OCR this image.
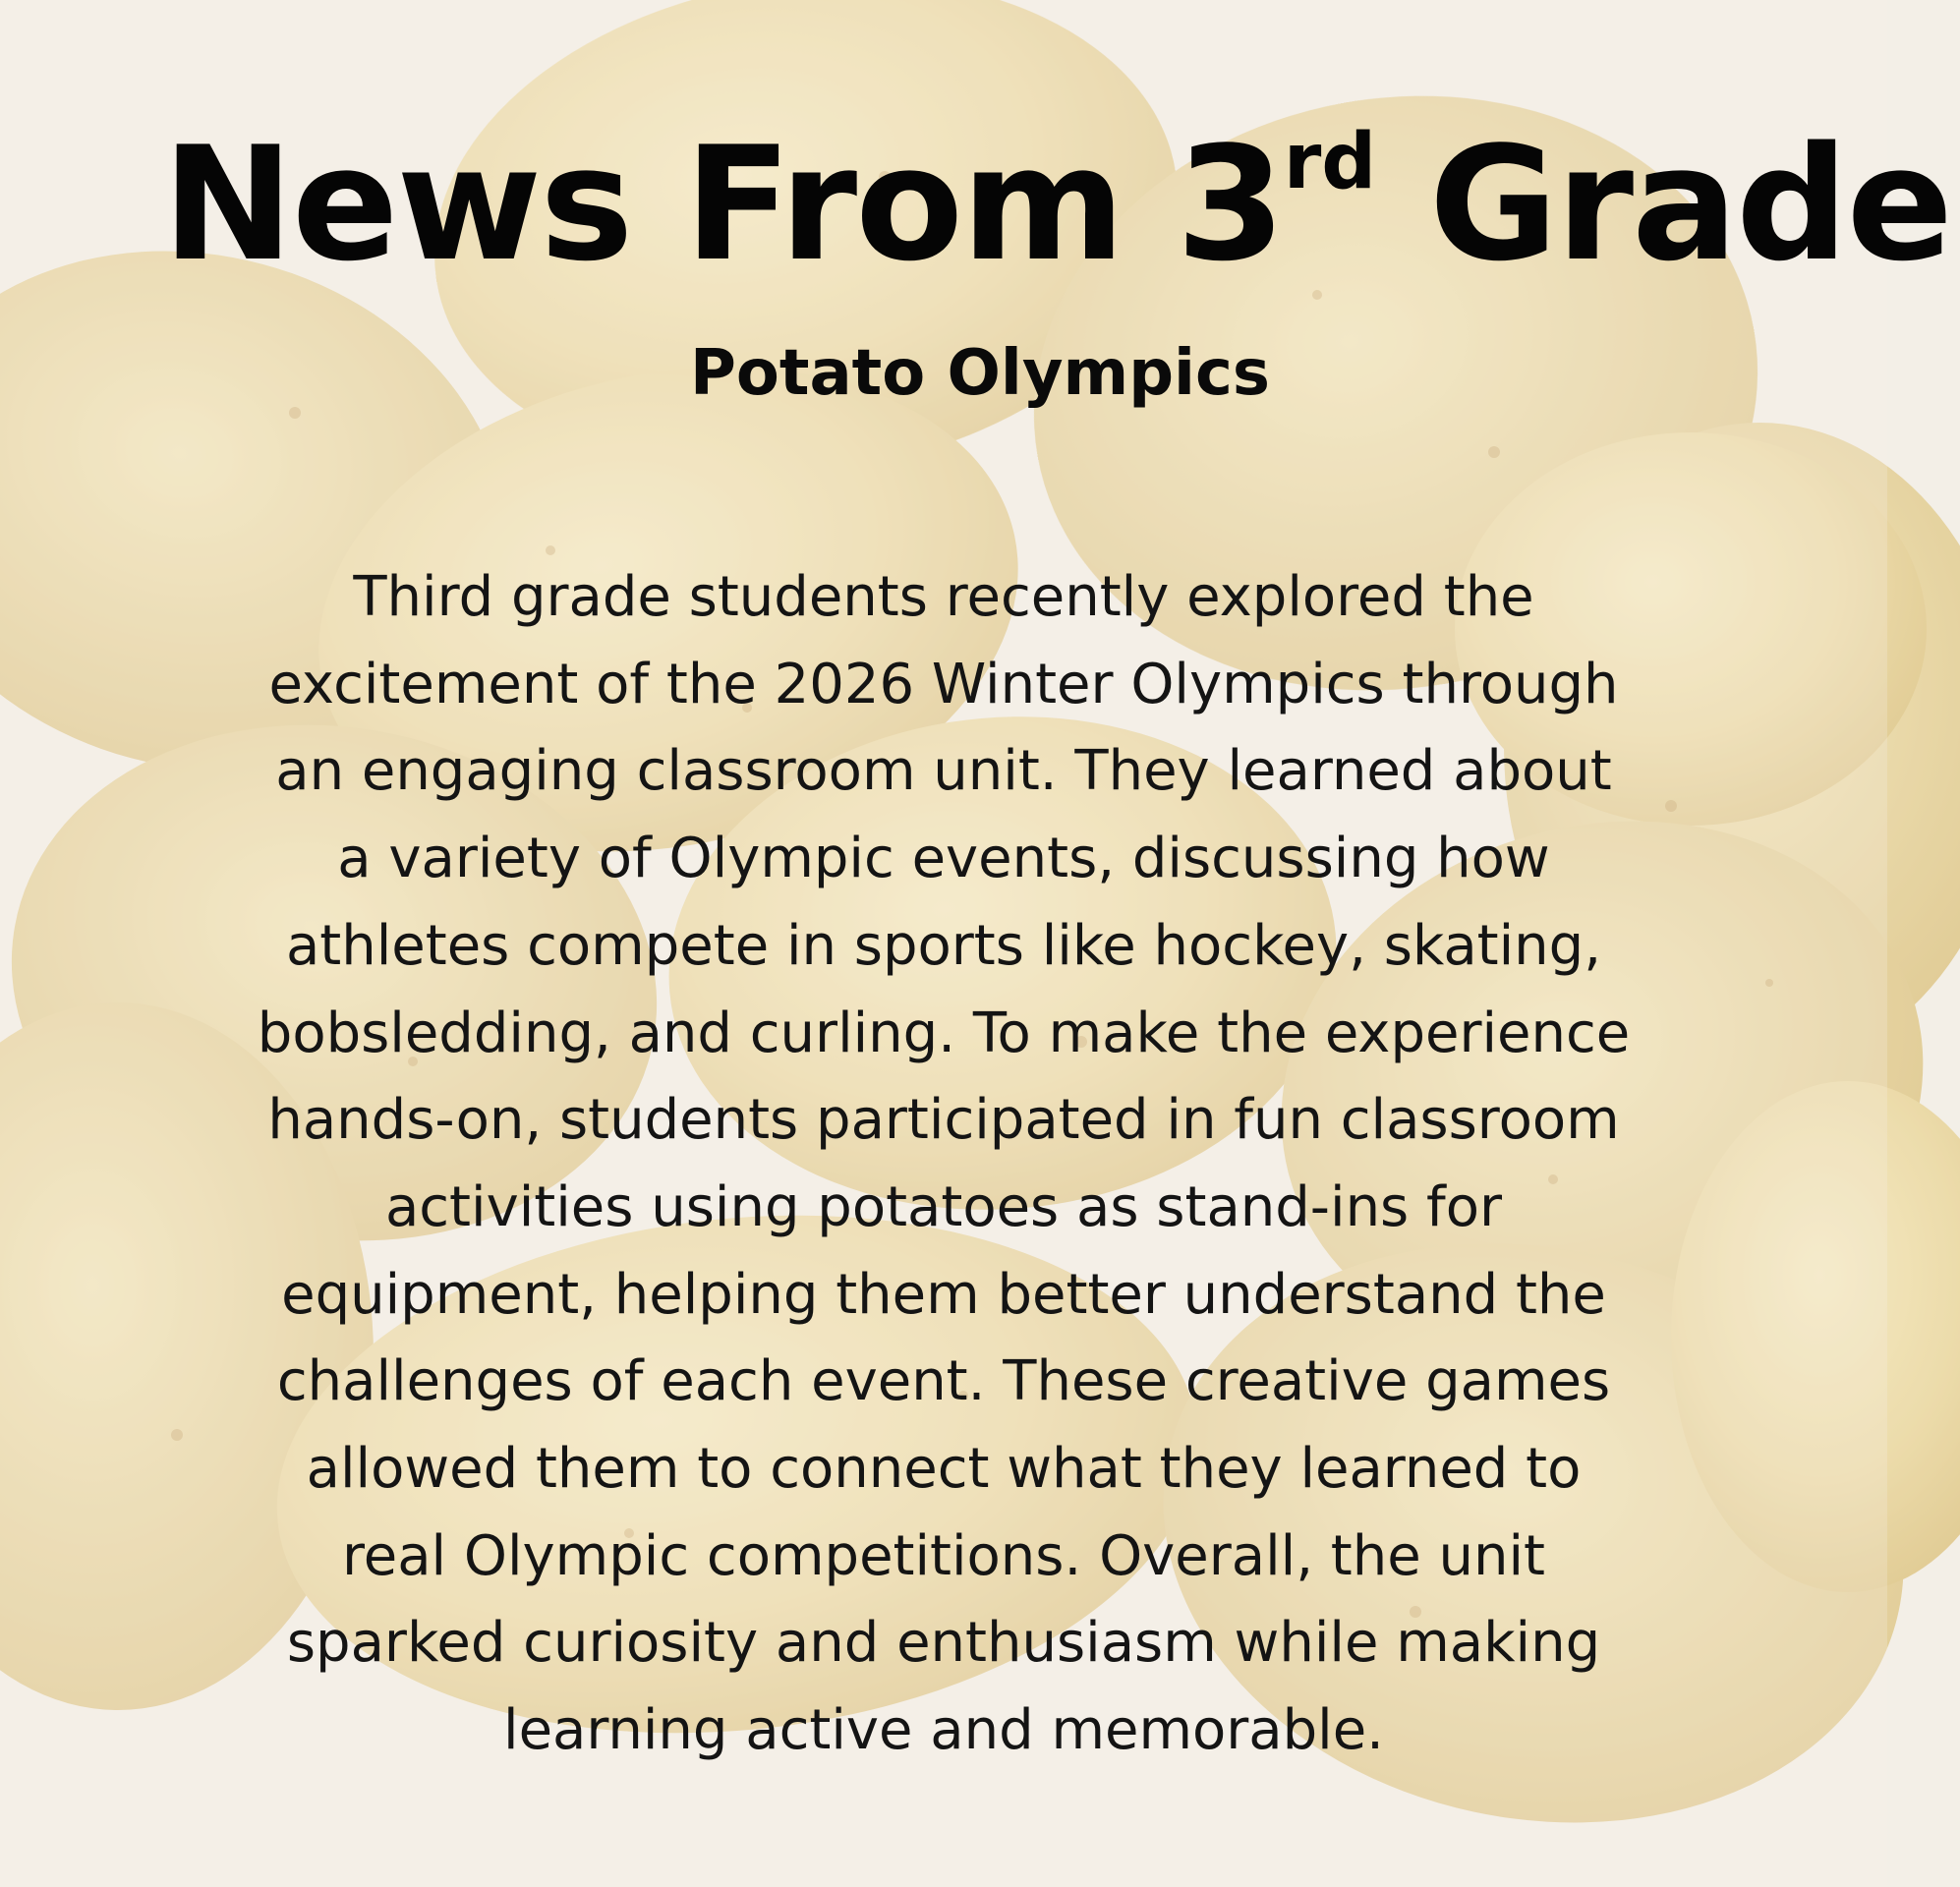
News From 3rd Grade
Potato Olympics
Third grade students recently explored the
excitement of the 2026 Winter Olympics through
an engaging classroom unit. They learned about
a variety of Olympic events, discussing how
athletes compete in sports like hockey, skating,
bobsledding, and curling. To make the experience
hands-on, students participated in fun classroom
activities using potatoes as stand-ins for
equipment, helping them better understand the
challenges of each event. These creative games
allowed them to connect what they learned to
real Olympic competitions. Overall, the unit
sparked curiosity and enthusiasm while making
learning active and memorable.
